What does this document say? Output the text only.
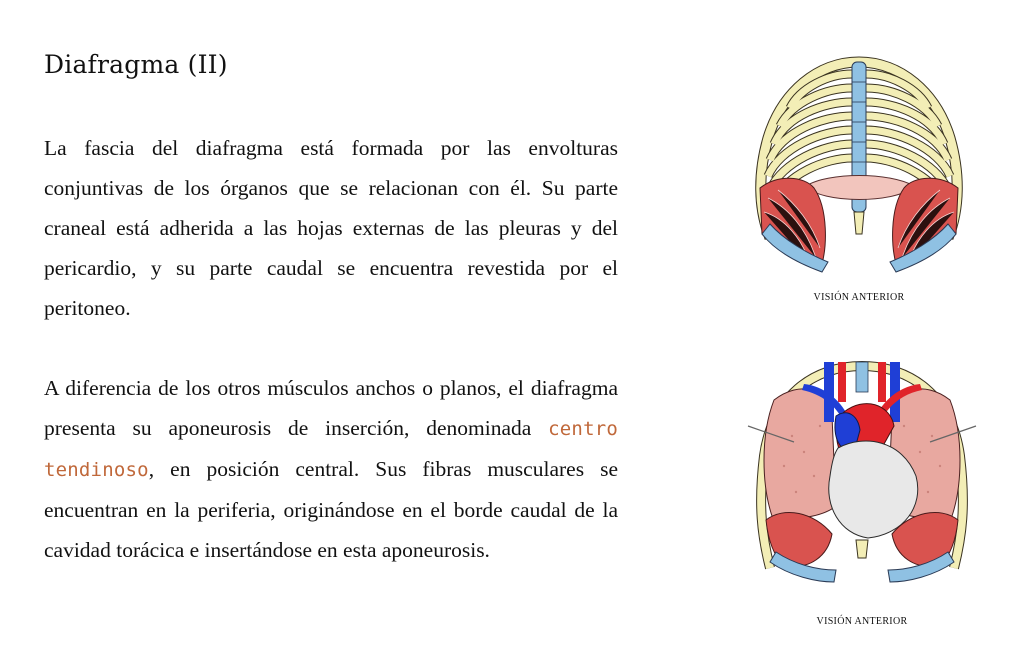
Diafragma (II)

La fascia del diafragma está formada por las envolturas conjuntivas de los órganos que se relacionan con él. Su parte craneal está adherida a las hojas externas de las pleuras y del pericardio, y su parte caudal se encuentra revestida por el peritoneo.

A diferencia de los otros músculos anchos o planos, el diafragma presenta su aponeurosis de inserción, denominada centro tendinoso, en posición central. Sus fibras musculares se encuentran en la periferia, originándose en el borde caudal de la cavidad torácica e insertándose en esta aponeurosis.

VISIÓN ANTERIOR
VISIÓN ANTERIOR
